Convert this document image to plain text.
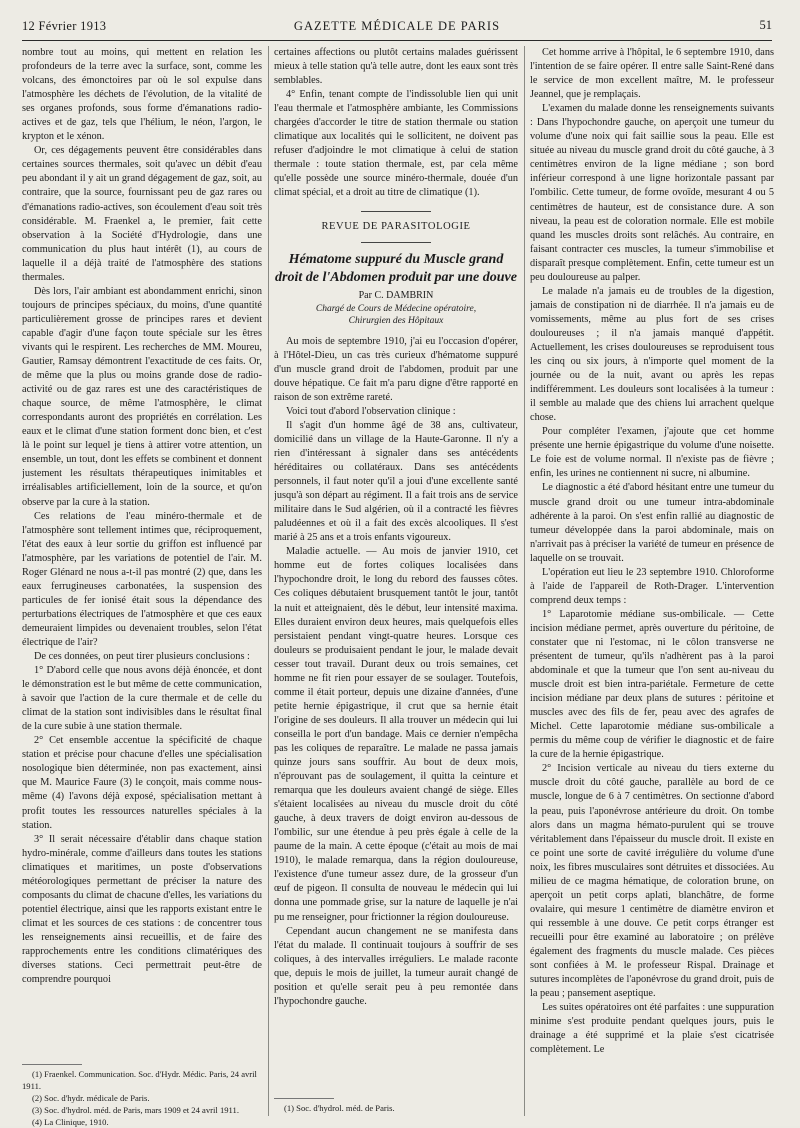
12 Février 1913	GAZETTE MÉDICALE DE PARIS	51

nombre tout au moins, qui mettent en relation les profondeurs de la terre avec la surface, sont, comme les volcans, des émonctoires par où le sol expulse dans l'atmosphère les déchets de l'évolution, de la vitalité de ses organes profonds, sous forme d'émanations radio-actives et de gaz, tels que l'hélium, le néon, l'argon, le krypton et le xénon.

Or, ces dégagements peuvent être considérables dans certaines sources thermales, soit qu'avec un débit d'eau peu abondant il y ait un grand dégagement de gaz, soit, au contraire, que la source, fournissant peu de gaz rares ou d'émanations radio-actives, son écoulement d'eau soit très considérable. M. Fraenkel a, le premier, fait cette observation à la Société d'Hydrologie, dans une communication du plus haut intérêt (1), au cours de laquelle il a déjà traité de l'atmosphère des stations thermales.

Dès lors, l'air ambiant est abondamment enrichi, sinon toujours de principes spéciaux, du moins, d'une quantité particulièrement grosse de principes rares et devient capable d'agir d'une façon toute spéciale sur les êtres vivants qui le respirent. Les recherches de MM. Moureu, Gautier, Ramsay démontrent l'exactitude de ces faits. Or, de même que la plus ou moins grande dose de radio-activité ou de gaz rares est une des caractéristiques de chaque source, de même l'atmosphère, le climat correspondants auront des propriétés en corrélation. Les eaux et le climat d'une station forment donc bien, et c'est là le point sur lequel je tiens à attirer votre attention, un ensemble, un tout, dont les effets se combinent et donnent justement les résultats thérapeutiques inimitables et irréalisables artificiellement, loin de la source, et qu'on observe par la cure à la station.

Ces relations de l'eau minéro-thermale et de l'atmosphère sont tellement intimes que, réciproquement, l'état des eaux à leur sortie du griffon est influencé par l'atmosphère, par les variations de potentiel de l'air. M. Roger Glénard ne nous a-t-il pas montré (2) que, dans les eaux ferrugineuses carbonatées, la suspension des particules de fer ionisé était sous la dépendance des perturbations électriques de l'atmosphère et que ces eaux demeuraient limpides ou devenaient troubles, selon l'état électrique de l'air?

De ces données, on peut tirer plusieurs conclusions :

1° D'abord celle que nous avons déjà énoncée, et dont le démonstration est le but même de cette communication, à savoir que l'action de la cure thermale et de celle du climat de la station sont indivisibles dans le résultat final de la cure subie à une station thermale.

2° Cet ensemble accentue la spécificité de chaque station et précise pour chacune d'elles une spécialisation nosologique bien déterminée, non pas exactement, ainsi que M. Maurice Faure (3) le conçoit, mais comme nous-même (4) l'avons déjà exposé, spécialisation mettant à profit toutes les ressources naturelles spéciales à la station.

3° Il serait nécessaire d'établir dans chaque station hydro-minérale, comme d'ailleurs dans toutes les stations climatiques et maritimes, un poste d'observations météorologiques permettant de préciser la nature des composants du climat de chacune d'elles, les variations du potentiel électrique, ainsi que les rapports existant entre le climat et les sources de ces stations : de concentrer tous les renseignements ainsi recueillis, et de faire des rapprochements entre les conditions climatériques des diverses stations. Ceci permettrait peut-être de comprendre pourquoi

certaines affections ou plutôt certains malades guérissent mieux à telle station qu'à telle autre, dont les eaux sont très semblables.

4° Enfin, tenant compte de l'indissoluble lien qui unit l'eau thermale et l'atmosphère ambiante, les Commissions chargées d'accorder le titre de station thermale ou station climatique aux localités qui le sollicitent, ne doivent pas refuser d'adjoindre le mot climatique à celui de station thermale : toute station thermale, est, par cela même qu'elle possède une source minéro-thermale, douée d'un climat spécial, et a droit au titre de climatique (1).

REVUE DE PARASITOLOGIE
Hématome suppuré du Muscle grand droit de l'Abdomen produit par une douve
Par C. DAMBRIN
Chargé de Cours de Médecine opératoire,
Chirurgien des Hôpitaux

Au mois de septembre 1910, j'ai eu l'occasion d'opérer, à l'Hôtel-Dieu, un cas très curieux d'hématome suppuré d'un muscle grand droit de l'abdomen, produit par une douve hépatique. Ce fait m'a paru digne d'être rapporté en raison de son extrême rareté.

Voici tout d'abord l'observation clinique :

Il s'agit d'un homme âgé de 38 ans, cultivateur, domicilié dans un village de la Haute-Garonne. Il n'y a rien d'intéressant à signaler dans ses antécédents héréditaires ou collatéraux. Dans ses antécédents personnels, il faut noter qu'il a joui d'une excellente santé jusqu'à son départ au régiment. Il a fait trois ans de service militaire dans le Sud algérien, où il a contracté les fièvres paludéennes et où il a fait des excès alcooliques. Il s'est marié à 25 ans et a trois enfants vigoureux.

Maladie actuelle. — Au mois de janvier 1910, cet homme eut de fortes coliques localisées dans l'hypochondre droit, le long du rebord des fausses côtes. Ces coliques débutaient brusquement tantôt le jour, tantôt la nuit et atteignaient, dès le début, leur intensité maxima. Elles duraient environ deux heures, mais quelquefois elles persistaient pendant vingt-quatre heures. Lorsque ces douleurs se produisaient pendant le jour, le malade devait cesser tout travail. Durant deux ou trois semaines, cet homme ne fit rien pour essayer de se soulager. Toutefois, comme il était porteur, depuis une dizaine d'années, d'une petite hernie épigastrique, il crut que sa hernie était l'origine de ses douleurs. Il alla trouver un médecin qui lui conseilla le port d'un bandage. Mais ce dernier n'empêcha pas les coliques de reparaître. Le malade ne passa jamais quinze jours sans souffrir. Au bout de deux mois, n'éprouvant pas de soulagement, il quitta la ceinture et remarqua que les douleurs avaient changé de siège. Elles s'étaient localisées au niveau du muscle droit du côté gauche, à deux travers de doigt environ au-dessous de l'ombilic, sur une étendue à peu près égale à celle de la paume de la main. A cette époque (c'était au mois de mai 1910), le malade remarqua, dans la région douloureuse, l'existence d'une tumeur assez dure, de la grosseur d'un œuf de pigeon. Il consulta de nouveau le médecin qui lui donna une pommade grise, sur la nature de laquelle je n'ai pu me renseigner, pour frictionner la région douloureuse.

Cependant aucun changement ne se manifesta dans l'état du malade. Il continuait toujours à souffrir de ses coliques, à des intervalles irréguliers. Le malade raconte que, depuis le mois de juillet, la tumeur aurait changé de position et qu'elle serait peu à peu remontée dans l'hypochondre gauche.

Cet homme arrive à l'hôpital, le 6 septembre 1910, dans l'intention de se faire opérer. Il entre salle Saint-René dans le service de mon excellent maître, M. le professeur Jeannel, que je remplaçais.

L'examen du malade donne les renseignements suivants : Dans l'hypochondre gauche, on aperçoit une tumeur du volume d'une noix qui fait saillie sous la peau. Elle est située au niveau du muscle grand droit du côté gauche, à 3 centimètres environ de la ligne médiane ; son bord inférieur correspond à une ligne horizontale passant par l'ombilic. Cette tumeur, de forme ovoïde, mesurant 4 ou 5 centimètres de hauteur, est de consistance dure. A son niveau, la peau est de coloration normale. Elle est mobile quand les muscles droits sont relâchés. Au contraire, en faisant contracter ces muscles, la tumeur s'immobilise et disparaît presque complètement. Enfin, cette tumeur est un peu douloureuse au palper.

Le malade n'a jamais eu de troubles de la digestion, jamais de constipation ni de diarrhée. Il n'a jamais eu de vomissements, même au plus fort de ses crises douloureuses ; il n'a jamais manqué d'appétit. Actuellement, les crises douloureuses se reproduisent tous les cinq ou six jours, à n'importe quel moment de la journée ou de la nuit, avant ou après les repas indifféremment. Les douleurs sont localisées à la tumeur : il semble au malade que des chiens lui arrachent quelque chose.

Pour compléter l'examen, j'ajoute que cet homme présente une hernie épigastrique du volume d'une noisette. Le foie est de volume normal. Il n'existe pas de fièvre ; enfin, les urines ne contiennent ni sucre, ni albumine.

Le diagnostic a été d'abord hésitant entre une tumeur du muscle grand droit ou une tumeur intra-abdominale adhérente à la paroi. On s'est enfin rallié au diagnostic de tumeur développée dans la paroi abdominale, mais on n'arrivait pas à préciser la variété de tumeur en présence de laquelle on se trouvait.

L'opération eut lieu le 23 septembre 1910. Chloroforme à l'aide de l'appareil de Roth-Drager. L'intervention comprend deux temps :

1° Laparotomie médiane sus-ombilicale. — Cette incision médiane permet, après ouverture du péritoine, de constater que ni l'estomac, ni le côlon transverse ne présentent de tumeur, qu'ils n'adhèrent pas à la paroi abdominale et que la tumeur que l'on sent au-niveau du muscle droit est bien intra-pariétale. Fermeture de cette incision médiane par deux plans de sutures : péritoine et muscles avec des fils de fer, peau avec des agrafes de Michel. Cette laparotomie médiane sus-ombilicale a permis du même coup de vérifier le diagnostic et de faire la cure de la hernie épigastrique.

2° Incision verticale au niveau du tiers externe du muscle droit du côté gauche, parallèle au bord de ce muscle, longue de 6 à 7 centimètres. On sectionne d'abord la peau, puis l'aponévrose antérieure du droit. On tombe alors dans un magma hémato-purulent qui se trouve véritablement dans l'épaisseur du muscle droit. Il existe en ce point une sorte de cavité irrégulière du volume d'une noix, les fibres musculaires sont détruites et dissociées. Au milieu de ce magma hématique, de coloration brune, on aperçoit un petit corps aplati, blanchâtre, de forme ovalaire, qui mesure 1 centimètre de diamètre environ et qui ressemble à une douve. Ce petit corps étranger est recueilli pour être examiné au laboratoire ; on prélève également des fragments du muscle malade. Ces pièces sont confiées à M. le professeur Rispal. Drainage et sutures incomplètes de l'aponévrose du grand droit, puis de la peau ; pansement aseptique.

Les suites opératoires ont été parfaites : une suppuration minime s'est produite pendant quelques jours, puis le drainage a été supprimé et la plaie s'est cicatrisée complètement. Le

(1) Fraenkel. Communication. Soc. d'Hydr. Médic. Paris, 24 avril 1911.
(2) Soc. d'hydr. médicale de Paris.
(3) Soc. d'hydrol. méd. de Paris, mars 1909 et 24 avril 1911.
(4) La Clinique, 1910.
(1) Soc. d'hydrol. méd. de Paris.
